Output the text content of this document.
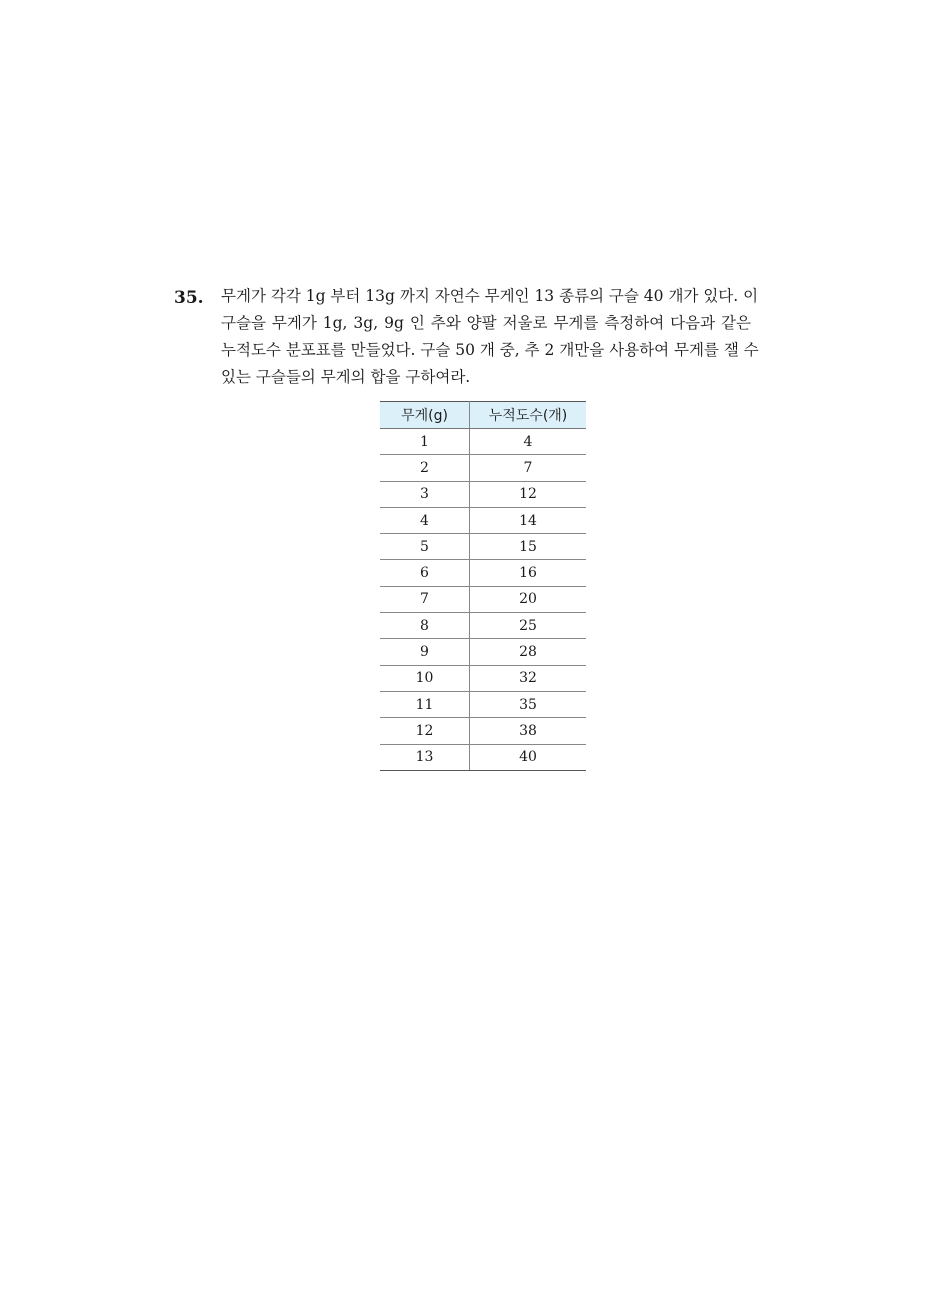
35. 무게가 각각 1g 부터 13g 까지 자연수 무게인 13 종류의 구슬 40 개가 있다. 이
구슬을 무게가 1g, 3g, 9g 인 추와 양팔 저울로 무게를 측정하여 다음과 같은
누적도수 분포표를 만들었다. 구슬 50 개 중, 추 2 개만을 사용하여 무게를 잴 수
있는 구슬들의 무게의 합을 구하여라.

무게(g)	누적도수(개)
1	4
2	7
3	12
4	14
5	15
6	16
7	20
8	25
9	28
10	32
11	35
12	38
13	40
